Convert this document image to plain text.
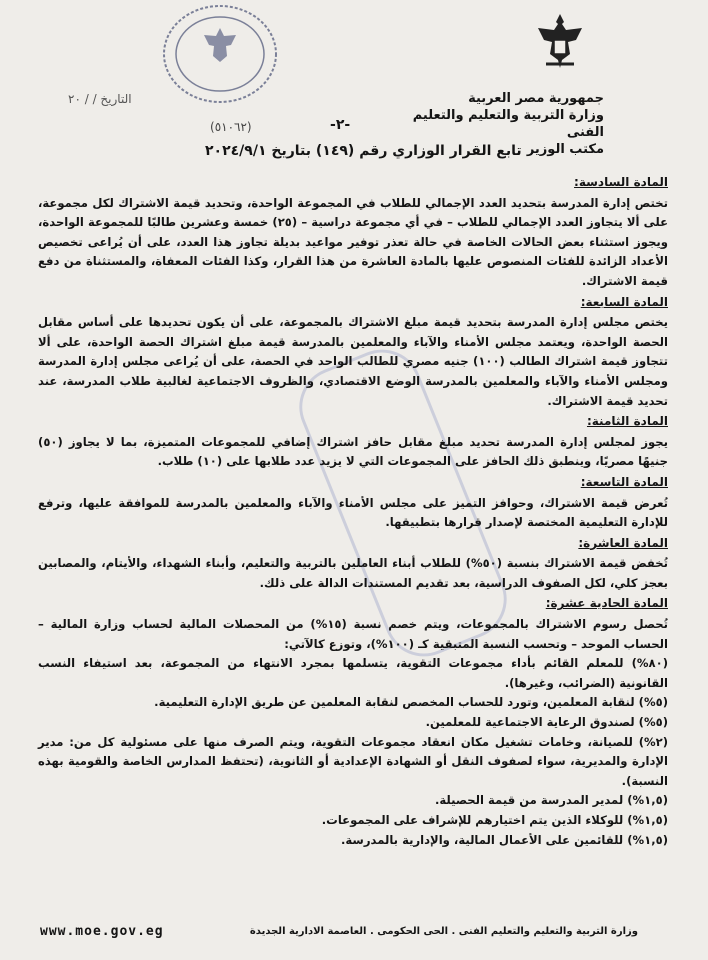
جمهورية مصر العربية
وزارة التربية والتعليم والتعليم الفنى
مكتب الوزير
التاريخ / / ٢٠
(٥١٠٦٢)	-٢-
تابع القرار الوزاري رقم (١٤٩) بتاريخ ٢٠٢٤/٩/١
المادة السادسة:

تختص إدارة المدرسة بتحديد العدد الإجمالي للطلاب في المجموعة الواحدة، وتحديد قيمة الاشتراك لكل مجموعة، على ألا يتجاوز العدد الإجمالي للطلاب – في أي مجموعة دراسية – (٢٥) خمسة وعشرين طالبًا للمجموعة الواحدة، ويجوز استثناء بعض الحالات الخاصة في حالة تعذر توفير مواعيد بديلة تجاوز هذا العدد، على أن يُراعى تخصيص الأعداد الزائدة للفئات المنصوص عليها بالمادة العاشرة من هذا القرار، وكذا الفئات المعفاة، والمستثناة من دفع قيمة الاشتراك.

المادة السابعة:

يختص مجلس إدارة المدرسة بتحديد قيمة مبلغ الاشتراك بالمجموعة، على أن يكون تحديدها على أساس مقابل الحصة الواحدة، ويعتمد مجلس الأمناء والآباء والمعلمين بالمدرسة قيمة مبلغ اشتراك الحصة الواحدة، على ألا تتجاوز قيمة اشتراك الطالب (١٠٠) جنيه مصري للطالب الواحد في الحصة، على أن يُراعى مجلس إدارة المدرسة ومجلس الأمناء والآباء والمعلمين بالمدرسة الوضع الاقتصادي، والظروف الاجتماعية لغالبية طلاب المدرسة، عند تحديد قيمة الاشتراك.

المادة الثامنة:

يجوز لمجلس إدارة المدرسة تحديد مبلغ مقابل حافز اشتراك إضافي للمجموعات المتميزة، بما لا يجاوز (٥٠) جنيهًا مصريًا، وينطبق ذلك الحافز على المجموعات التي لا يزيد عدد طلابها على (١٠) طلاب.

المادة التاسعة:

تُعرض قيمة الاشتراك، وحوافز التميز على مجلس الأمناء والآباء والمعلمين بالمدرسة للموافقة عليها، وترفع للإدارة التعليمية المختصة لإصدار قرارها بتطبيقها.

المادة العاشرة:

تُخفض قيمة الاشتراك بنسبة (٥٠%) للطلاب أبناء العاملين بالتربية والتعليم، وأبناء الشهداء، والأيتام، والمصابين بعجز كلي، لكل الصفوف الدراسية، بعد تقديم المستندات الدالة على ذلك.

المادة الحادية عشرة:

تُحصل رسوم الاشتراك بالمجموعات، ويتم خصم نسبة (١٥%) من المحصلات المالية لحساب وزارة المالية – الحساب الموحد – وتحسب النسبة المتبقية كـ (١٠٠%)، وتوزع كالآتي:

(٨٠%) للمعلم القائم بأداء مجموعات التقوية، يتسلمها بمجرد الانتهاء من المجموعة، بعد استيفاء النسب القانونية (الضرائب، وغيرها).

(٥%) لنقابة المعلمين، وتورد للحساب المخصص لنقابة المعلمين عن طريق الإدارة التعليمية.

(٥%) لصندوق الرعاية الاجتماعية للمعلمين.

(٢%) للصيانة، وخامات تشغيل مكان انعقاد مجموعات التقوية، ويتم الصرف منها على مسئولية كل من: مدير الإدارة والمديرية، سواء لصفوف النقل أو الشهادة الإعدادية أو الثانوية، (تحتفظ المدارس الخاصة والقومية بهذه النسبة).

(١,٥%) لمدير المدرسة من قيمة الحصيلة.

(١,٥%) للوكلاء الذين يتم اختيارهم للإشراف على المجموعات.

(١,٥%) للقائمين على الأعمال المالية، والإدارية بالمدرسة.

www.moe.gov.eg	وزارة التربية والتعليم والتعليم الفنى . الحى الحكومى . العاصمة الادارية الجديدة
